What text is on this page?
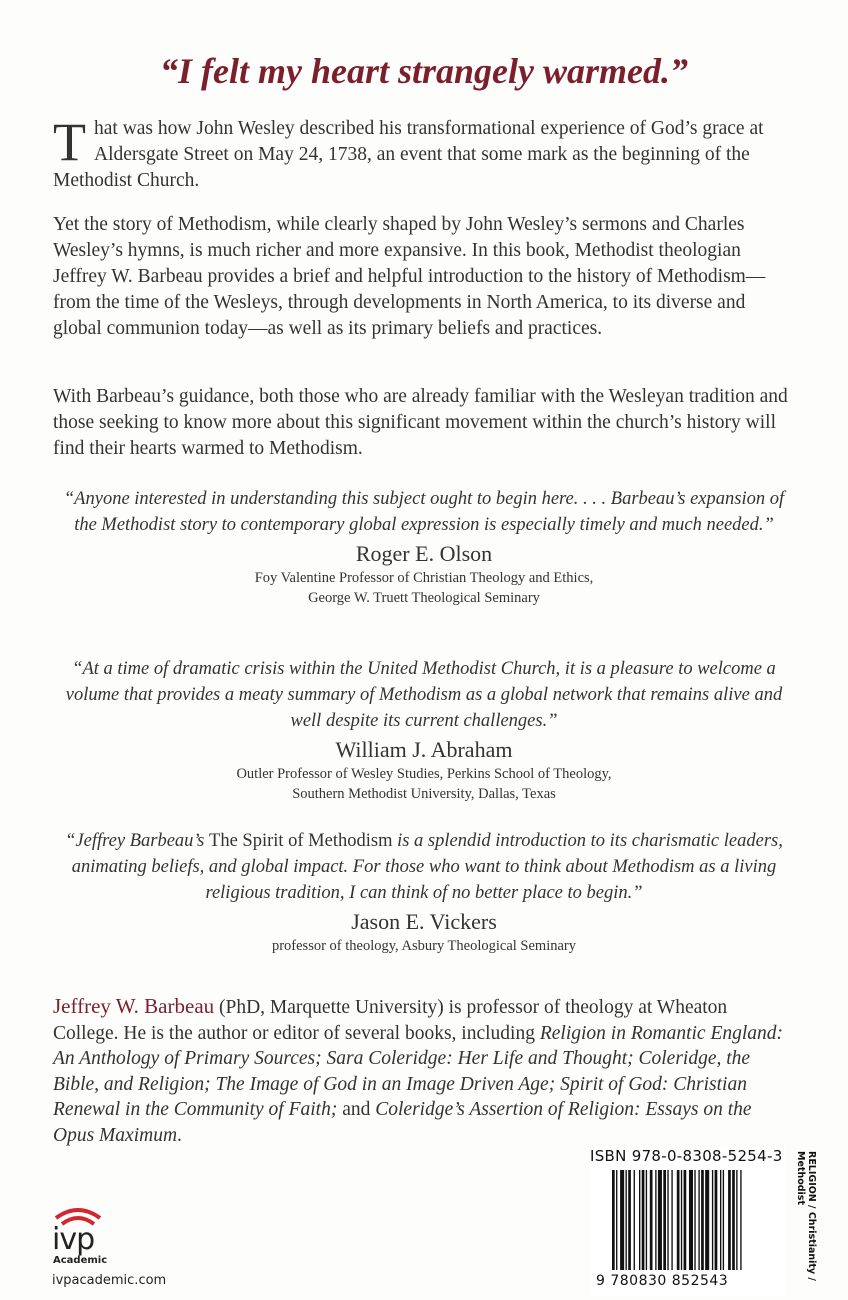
“I felt my heart strangely warmed.”

That was how John Wesley described his transformational experience of God’s grace at Aldersgate Street on May 24, 1738, an event that some mark as the beginning of the Methodist Church.

Yet the story of Methodism, while clearly shaped by John Wesley’s sermons and Charles Wesley’s hymns, is much richer and more expansive. In this book, Methodist theologian Jeffrey W. Barbeau provides a brief and helpful introduction to the history of Methodism—from the time of the Wesleys, through developments in North America, to its diverse and global communion today—as well as its primary beliefs and practices.

With Barbeau’s guidance, both those who are already familiar with the Wesleyan tradition and those seeking to know more about this significant movement within the church’s history will find their hearts warmed to Methodism.

“Anyone interested in understanding this subject ought to begin here. . . . Barbeau’s expansion of the Methodist story to contemporary global expression is especially timely and much needed.”

Roger E. Olson

Foy Valentine Professor of Christian Theology and Ethics,

George W. Truett Theological Seminary

“At a time of dramatic crisis within the United Methodist Church, it is a pleasure to welcome a volume that provides a meaty summary of Methodism as a global network that remains alive and well despite its current challenges.”

William J. Abraham

Outler Professor of Wesley Studies, Perkins School of Theology,

Southern Methodist University, Dallas, Texas

“Jeffrey Barbeau’s The Spirit of Methodism is a splendid introduction to its charismatic leaders, animating beliefs, and global impact. For those who want to think about Methodism as a living religious tradition, I can think of no better place to begin.”

Jason E. Vickers

professor of theology, Asbury Theological Seminary

Jeffrey W. Barbeau (PhD, Marquette University) is professor of theology at Wheaton College. He is the author or editor of several books, including Religion in Romantic England: An Anthology of Primary Sources; Sara Coleridge: Her Life and Thought; Coleridge, the Bible, and Religion; The Image of God in an Image Driven Age; Spirit of God: Christian Renewal in the Community of Faith; and Coleridge’s Assertion of Religion: Essays on the Opus Maximum.

ivp
Academic
ivpacademic.com
ISBN 978-0-8308-5254-3
9 780830 852543
RELIGION / Christianity / Methodist
